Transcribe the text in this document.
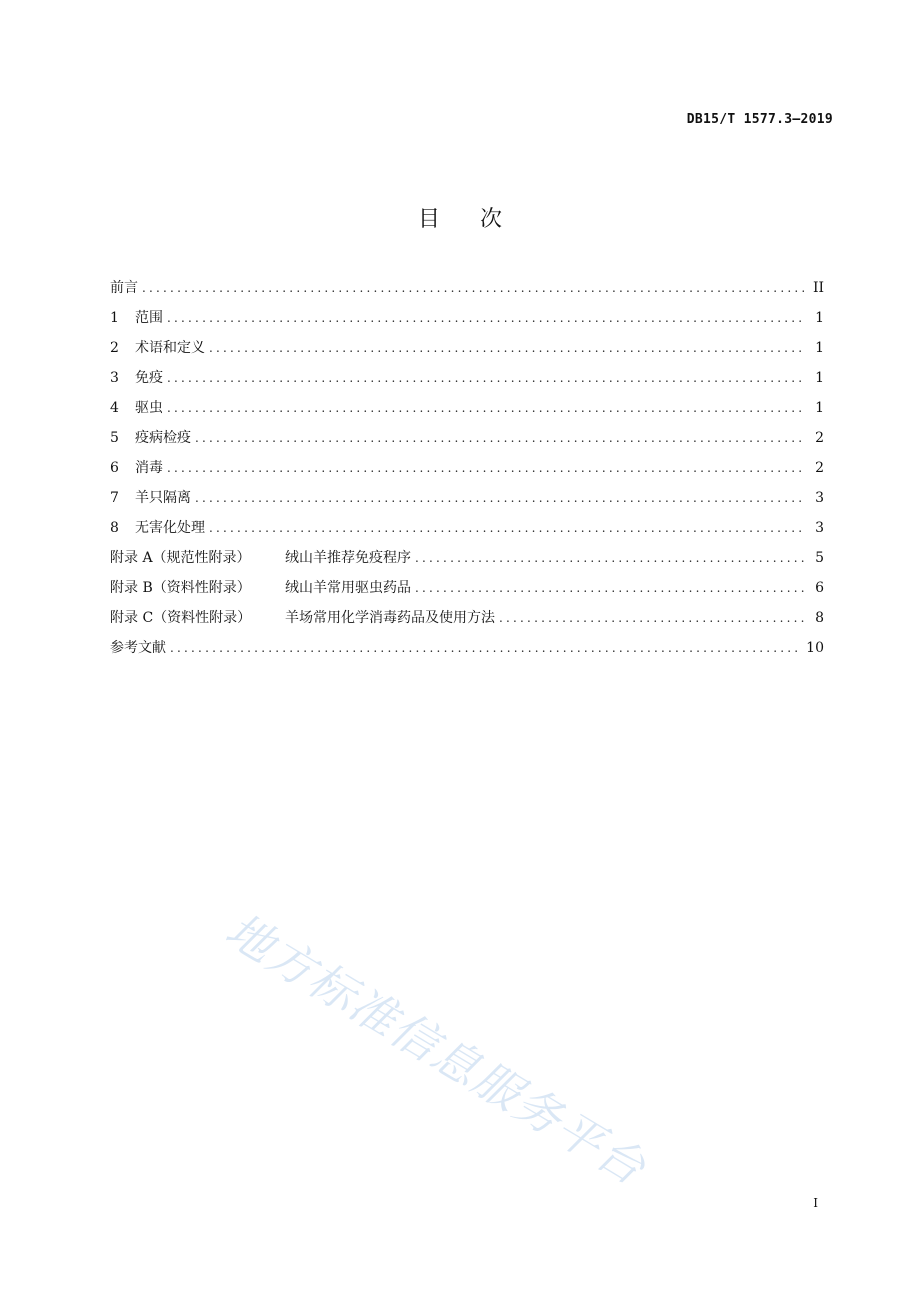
DB15/T 1577.3—2019
目次
前言 .....	II
1	范围 .....	1
2	术语和定义 .....	1
3	免疫 .....	1
4	驱虫 .....	1
5	疫病检疫 .....	2
6	消毒 .....	2
7	羊只隔离 .....	3
8	无害化处理 .....	3
附录 A（规范性附录）	绒山羊推荐免疫程序 .....	5
附录 B（资料性附录）	绒山羊常用驱虫药品 .....	6
附录 C（资料性附录）	羊场常用化学消毒药品及使用方法 .....	8
参考文献 .....	10
地方标准信息服务平台
I
